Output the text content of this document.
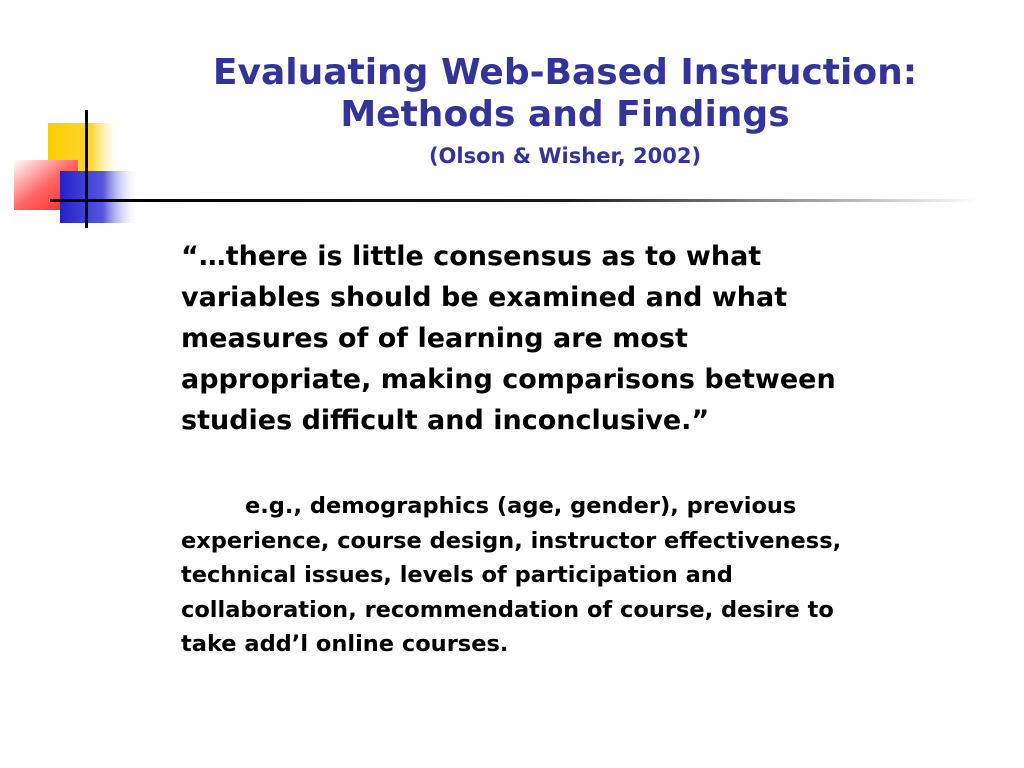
Evaluating Web-Based Instruction:
Methods and Findings
(Olson & Wisher, 2002)

“…there is little consensus as to what
variables should be examined and what
measures of of learning are most
appropriate, making comparisons between
studies difficult and inconclusive.”

e.g., demographics (age, gender), previous
experience, course design, instructor effectiveness,
technical issues, levels of participation and
collaboration, recommendation of course, desire to
take add’l online courses.
